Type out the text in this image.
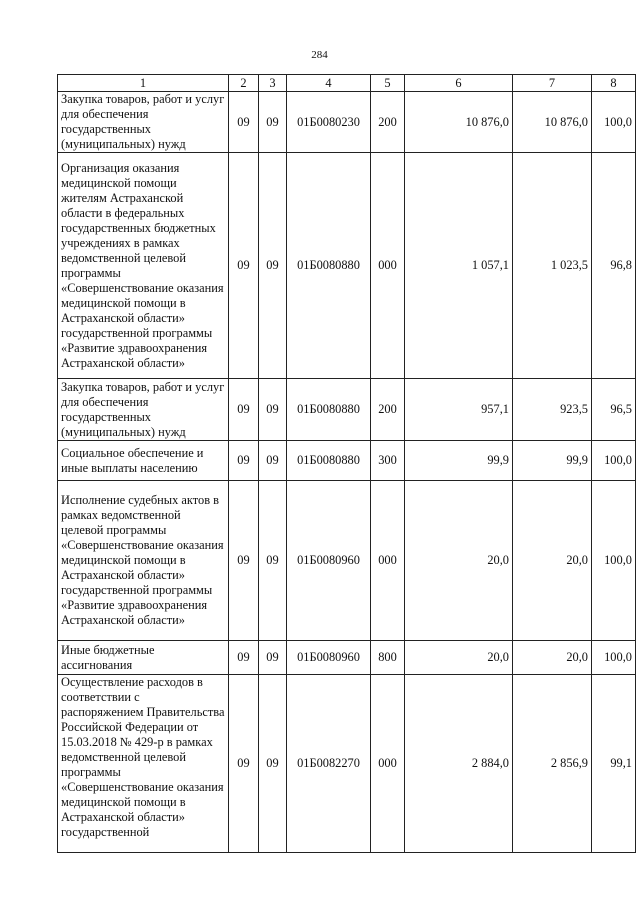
284
1	2	3	4	5	6	7	8
Закупка товаров, работ и услуг для обеспечения государственных (муниципальных) нужд	09	09	01Б0080230	200	10 876,0	10 876,0	100,0
Организация оказания медицинской помощи жителям Астраханской области в федеральных государственных бюджетных учреждениях в рамках ведомственной целевой программы «Совершенствование оказания медицинской помощи в Астраханской области» государственной программы «Развитие здравоохранения Астраханской области»	09	09	01Б0080880	000	1 057,1	1 023,5	96,8
Закупка товаров, работ и услуг для обеспечения государственных (муниципальных) нужд	09	09	01Б0080880	200	957,1	923,5	96,5
Социальное обеспечение и иные выплаты населению	09	09	01Б0080880	300	99,9	99,9	100,0
Исполнение судебных актов в рамках ведомственной целевой программы «Совершенствование оказания медицинской помощи в Астраханской области» государственной программы «Развитие здравоохранения Астраханской области»	09	09	01Б0080960	000	20,0	20,0	100,0
Иные бюджетные ассигнования	09	09	01Б0080960	800	20,0	20,0	100,0
Осуществление расходов в соответствии с распоряжением Правительства Российской Федерации от 15.03.2018 № 429-р в рамках ведомственной целевой программы «Совершенствование оказания медицинской помощи в Астраханской области» государственной	09	09	01Б0082270	000	2 884,0	2 856,9	99,1
